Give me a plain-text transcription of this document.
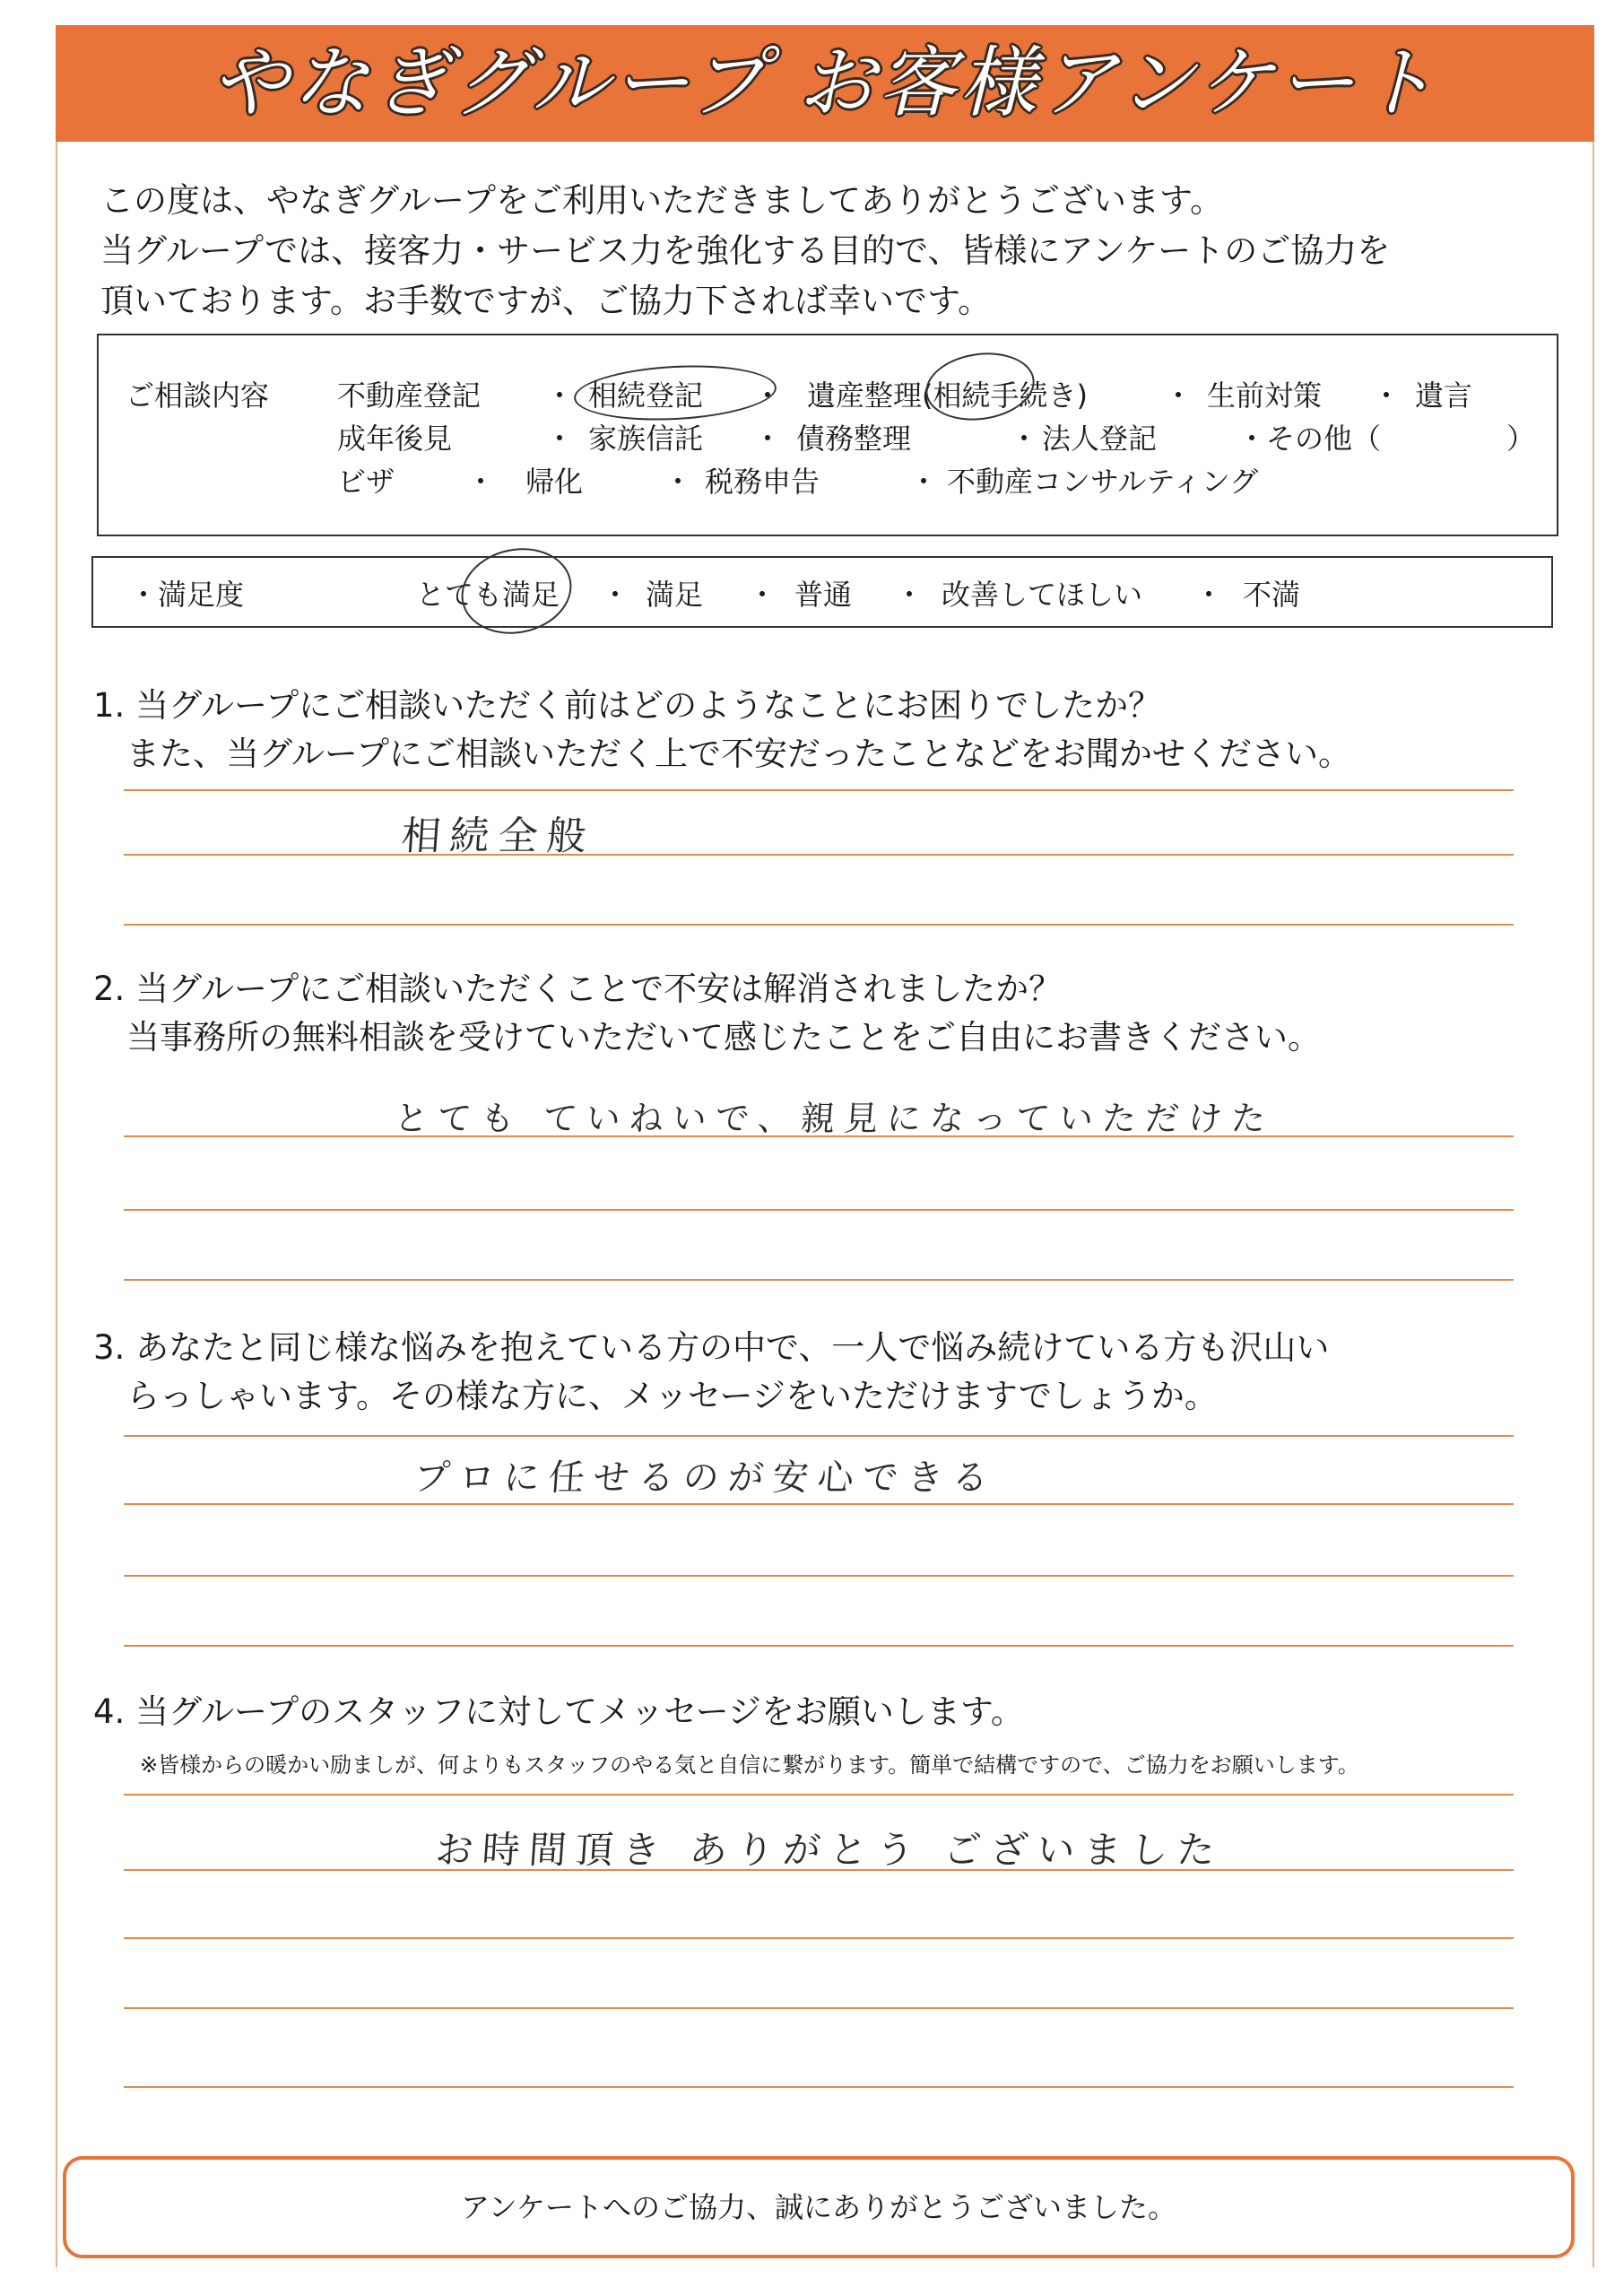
やなぎグループ お客様アンケート
この度は、やなぎグループをご利用いただきましてありがとうございます。
当グループでは、接客力・サービス力を強化する目的で、皆様にアンケートのご協力を
頂いております。お手数ですが、ご協力下されば幸いです。
ご相談内容 不動産登記 ・ 相続登記 ・ 遺産整理(相続手続き)	・ 生前対策 ・ 遺言
成年後見	・ 家族信託 ・ 債務整理	・ 法人登記	・その他（	）
ビザ ・ 帰化	・ 税務申告	・ 不動産コンサルティング
・満足度	とても満足 ・ 満足 ・ 普通 ・ 改善してほしい ・ 不満
1. 当グループにご相談いただく前はどのようなことにお困りでしたか？
　また、当グループにご相談いただく上で不安だったことなどをお聞かせください。
相続全般
2. 当グループにご相談いただくことで不安は解消されましたか？
　当事務所の無料相談を受けていただいて感じたことをご自由にお書きください。
とても ていねいで、親見になっていただけた
3. あなたと同じ様な悩みを抱えている方の中で、一人で悩み続けている方も沢山い
　らっしゃいます。その様な方に、メッセージをいただけますでしょうか。
プロに任せるのが安心できる
4. 当グループのスタッフに対してメッセージをお願いします。
※皆様からの暖かい励ましが、何よりもスタッフのやる気と自信に繋がります。簡単で結構ですので、ご協力をお願いします。
お時間頂き ありがとう ございました
アンケートへのご協力、誠にありがとうございました。
